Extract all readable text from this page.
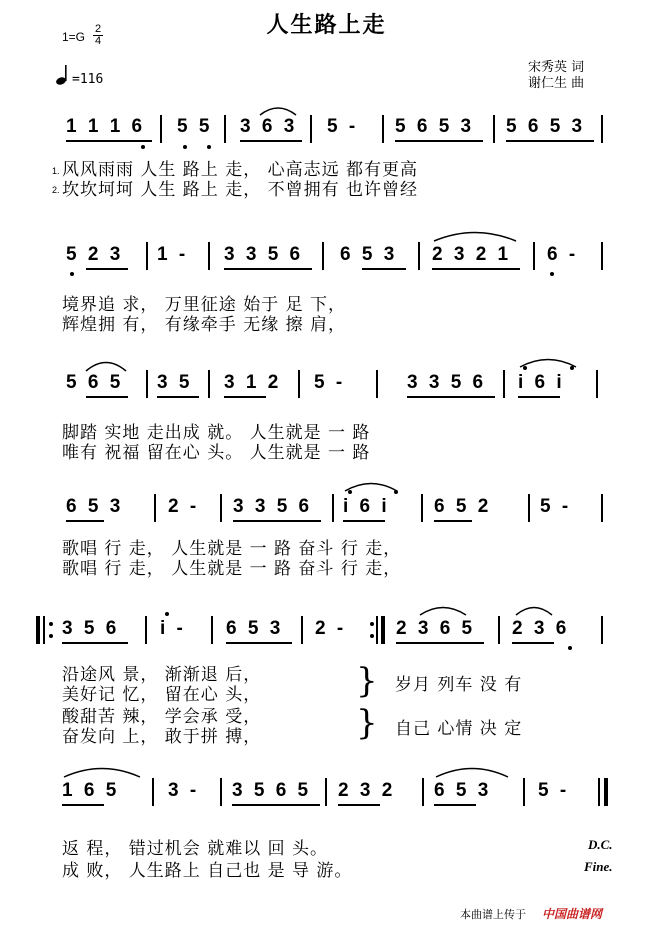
人生路上走
$1=G \frac{2}{4}$
=116
宋秀英 词
谢仁生 曲
1 1 1 6 5 5 3 6 3 5 - 5 6 5 3 5 6 5 3
1.
2.
风风雨雨 人生 路上 走， 心高志远 都有更高
坎坎坷坷 人生 路上 走， 不曾拥有 也许曾经
5 2 3 1 - 3 3 5 6 6 5 3 2 3 2 1 6 -
境界追 求， 万里征途 始于 足 下，
辉煌拥 有， 有缘牵手 无缘 擦 肩，
5 6 5 3 5 3 1 2 5 -	3 3 5 6 i 6 i
脚踏 实地 走出成 就。 人生就是 一 路
唯有 祝福 留在心 头。 人生就是 一 路
6 5 3 2 - 3 3 5 6 i 6 i 6 5 2	5 -
歌唱 行 走， 人生就是 一 路 奋斗 行 走，
歌唱 行 走， 人生就是 一 路 奋斗 行 走，
3 5 6 i - 6 5 3 2 -	2 3 6 5 2 3 6
沿途风 景， 渐渐退 后，
美好记 忆， 留在心 头，
酸甜苦 辣， 学会承 受，
奋发向 上， 敢于拼 搏，
}
}
岁月 列车 没 有
自己 心情 决 定
1 6 5	3 - 3 5 6 5 2 3 2 6 5 3 5 -
返 程， 错过机会 就难以 回 头。
成 败， 人生路上 自己也 是 导 游。
D.C.
Fine.
本曲谱上传于 中国曲谱网
